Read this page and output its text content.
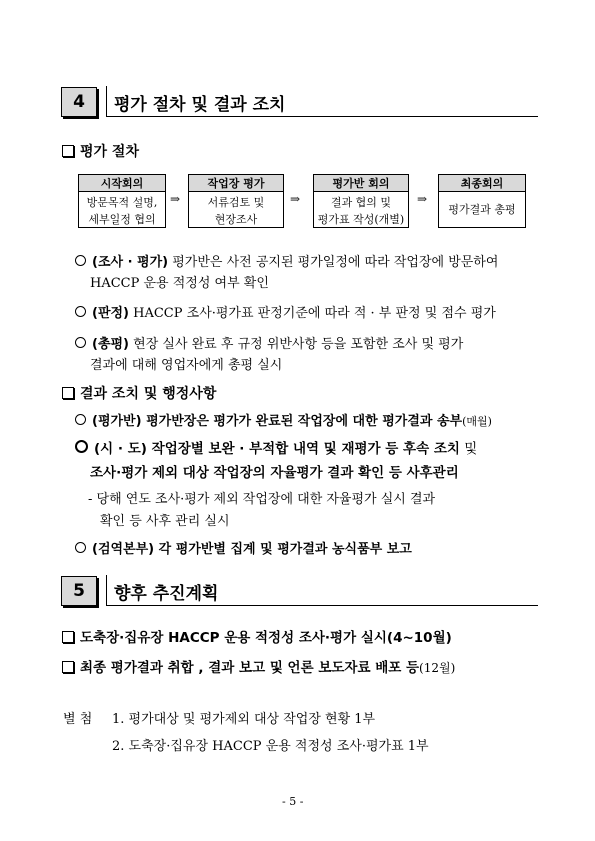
4	평가 절차 및 결과 조치
평가 절차
시작회의
방문목적 설명,
세부일정 협의
⇒
작업장 평가
서류검토 및
현장조사
⇒
평가반 회의
결과 협의 및
평가표 작성(개별)
⇒
최종회의
평가결과 총평
(조사 · 평가) 평가반은 사전 공지된 평가일정에 따라 작업장에 방문하여
HACCP 운용 적정성 여부 확인
(판정) HACCP 조사·평가표 판정기준에 따라 적 · 부 판정 및 점수 평가
(총평) 현장 실사 완료 후 규정 위반사항 등을 포함한 조사 및 평가
결과에 대해 영업자에게 총평 실시
결과 조치 및 행정사항
(평가반) 평가반장은 평가가 완료된 작업장에 대한 평가결과 송부(매월)
(시 · 도) 작업장별 보완 · 부적합 내역 및 재평가 등 후속 조치 및
조사·평가 제외 대상 작업장의 자율평가 결과 확인 등 사후관리
- 당해 연도 조사·평가 제외 작업장에 대한 자율평가 실시 결과
확인 등 사후 관리 실시
(검역본부) 각 평가반별 집계 및 평가결과 농식품부 보고
5	향후 추진계획
도축장·집유장 HACCP 운용 적정성 조사·평가 실시(4~10월)
최종 평가결과 취합 , 결과 보고 및 언론 보도자료 배포 등(12월)
별 첨 1. 평가대상 및 평가제외 대상 작업장 현황 1부
2. 도축장·집유장 HACCP 운용 적정성 조사·평가표 1부
- 5 -
